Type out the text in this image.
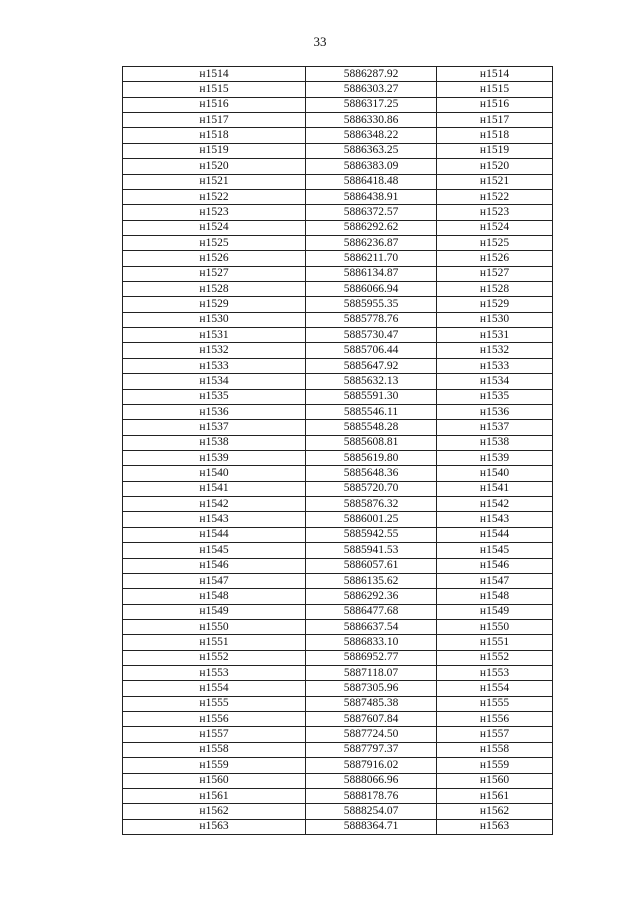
33
н1514	5886287.92	н1514
н1515	5886303.27	н1515
н1516	5886317.25	н1516
н1517	5886330.86	н1517
н1518	5886348.22	н1518
н1519	5886363.25	н1519
н1520	5886383.09	н1520
н1521	5886418.48	н1521
н1522	5886438.91	н1522
н1523	5886372.57	н1523
н1524	5886292.62	н1524
н1525	5886236.87	н1525
н1526	5886211.70	н1526
н1527	5886134.87	н1527
н1528	5886066.94	н1528
н1529	5885955.35	н1529
н1530	5885778.76	н1530
н1531	5885730.47	н1531
н1532	5885706.44	н1532
н1533	5885647.92	н1533
н1534	5885632.13	н1534
н1535	5885591.30	н1535
н1536	5885546.11	н1536
н1537	5885548.28	н1537
н1538	5885608.81	н1538
н1539	5885619.80	н1539
н1540	5885648.36	н1540
н1541	5885720.70	н1541
н1542	5885876.32	н1542
н1543	5886001.25	н1543
н1544	5885942.55	н1544
н1545	5885941.53	н1545
н1546	5886057.61	н1546
н1547	5886135.62	н1547
н1548	5886292.36	н1548
н1549	5886477.68	н1549
н1550	5886637.54	н1550
н1551	5886833.10	н1551
н1552	5886952.77	н1552
н1553	5887118.07	н1553
н1554	5887305.96	н1554
н1555	5887485.38	н1555
н1556	5887607.84	н1556
н1557	5887724.50	н1557
н1558	5887797.37	н1558
н1559	5887916.02	н1559
н1560	5888066.96	н1560
н1561	5888178.76	н1561
н1562	5888254.07	н1562
н1563	5888364.71	н1563
